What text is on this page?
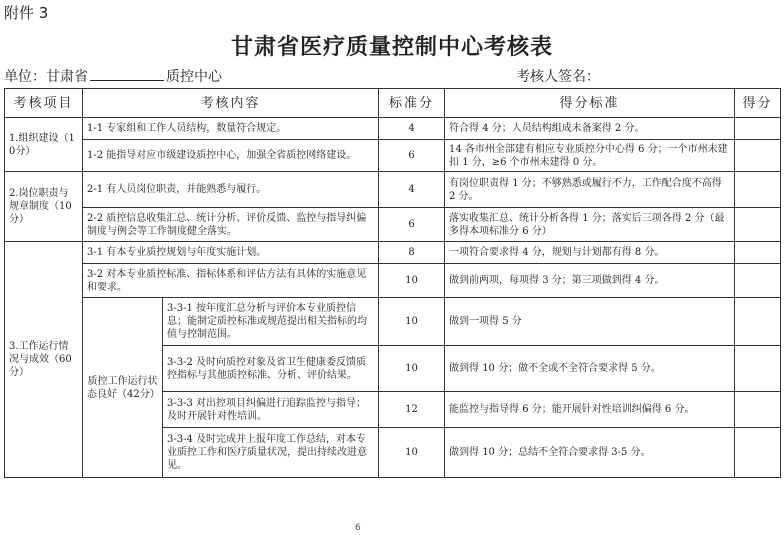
附件 3
甘肃省医疗质量控制中心考核表
单位：甘肃省	质控中心	考核人签名：
考核项目	考核内容		标准分	得分标准	得分
1.组织建设（10分）	1-1 专家组和工作人员结构，数量符合规定。		4	符合得 4 分；人员结构组成未备案得 2 分。	
	1-2 能指导对应市级建设质控中心，加强全省质控网络建设。		6	14 各市州全部建有相应专业质控分中心得 6 分；一个市州未建扣 1 分，≥6 个市州未建得 0 分。	
2.岗位职责与规章制度（10分）	2-1 有人员岗位职责，并能熟悉与履行。		4	有岗位职责得 1 分；不够熟悉或履行不力，工作配合度不高得 2 分。	
	2-2 质控信息收集汇总、统计分析、评价反馈、监控与指导纠偏制度与例会等工作制度健全落实。		6	落实收集汇总、统计分析各得 1 分；落实后三项各得 2 分（最多得本项标准分 6 分）	
3.工作运行情况与成效（60分）	3-1 有本专业质控规划与年度实施计划。		8	一项符合要求得 4 分，规划与计划都有得 8 分。	
	3-2 对本专业质控标准、指标体系和评估方法有具体的实施意见和要求。		10	做到前两项，每项得 3 分；第三项做到得 4 分。	
	质控工作运行状态良好（42分）	3-3-1 按年度汇总分析与评价本专业质控信息；能制定质控标准或规范提出相关指标的均值与控制范围。	10	做到一项得 5 分	
		3-3-2 及时向质控对象及省卫生健康委反馈质控指标与其他质控标准、分析、评价结果。	10	做到得 10 分；做不全或不全符合要求得 5 分。	
		3-3-3 对出控项目纠偏进行追踪监控与指导；及时开展针对性培训。	12	能监控与指导得 6 分；能开展针对性培训纠偏得 6 分。	
		3-3-4 及时完成并上报年度工作总结，对本专业质控工作和医疗质量状况，提出持续改进意见。	10	做到得 10 分；总结不全符合要求得 3-5 分。	
6
